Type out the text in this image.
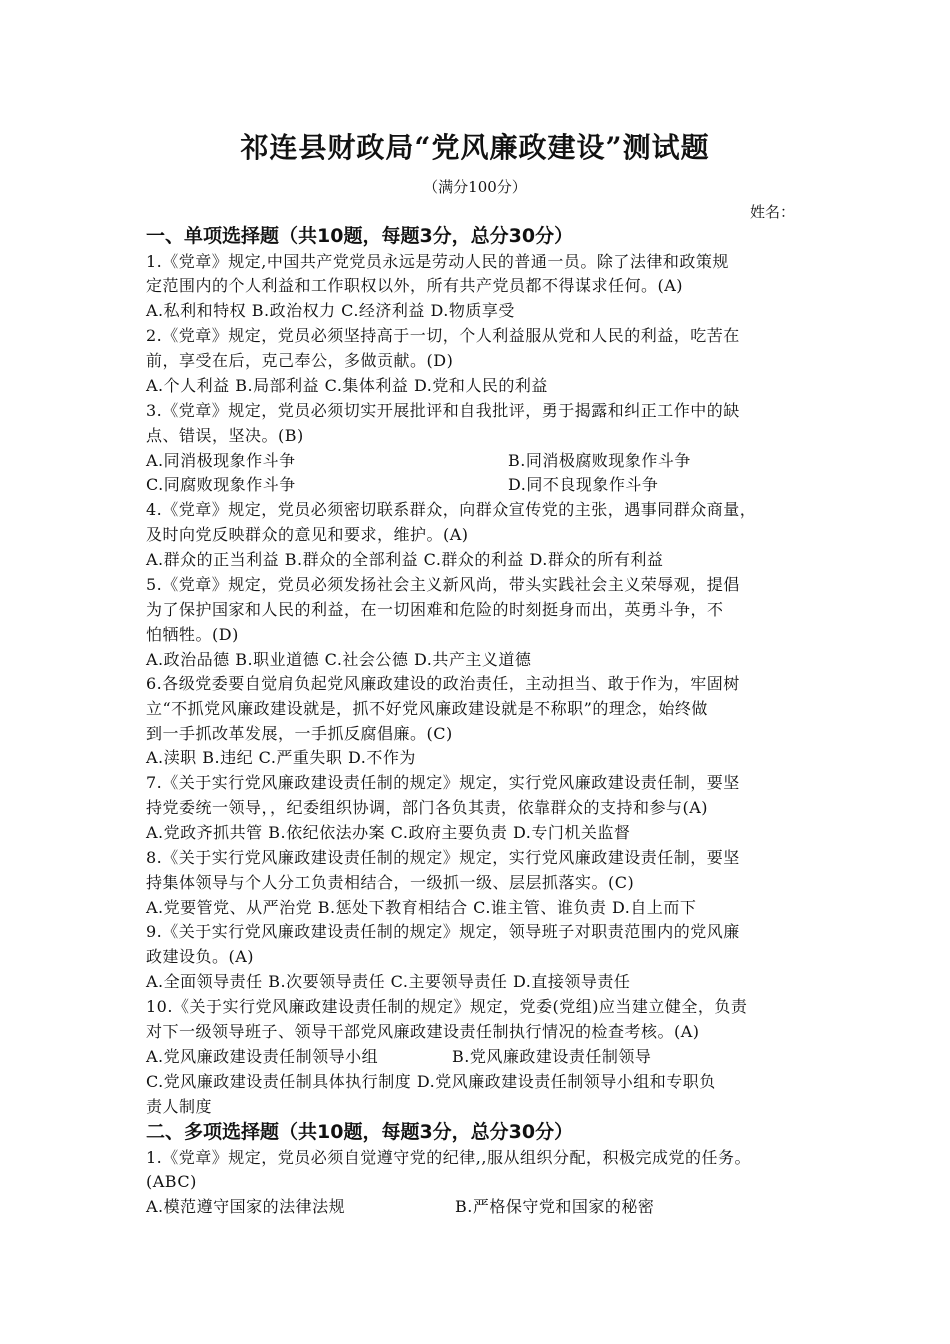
祁连县财政局“党风廉政建设”测试题
（满分100分）
姓名：
一、单项选择题（共10题，每题3分，总分30分）
1.《党章》规定,中国共产党党员永远是劳动人民的普通一员。除了法律和政策规
定范围内的个人利益和工作职权以外，所有共产党员都不得谋求任何。(A)
A.私利和特权 B.政治权力 C.经济利益 D.物质享受
2.《党章》规定，党员必须坚持高于一切，个人利益服从党和人民的利益，吃苦在
前，享受在后，克己奉公，多做贡献。(D)
A.个人利益 B.局部利益 C.集体利益 D.党和人民的利益
3.《党章》规定，党员必须切实开展批评和自我批评，勇于揭露和纠正工作中的缺
点、错误，坚决。(B)
A.同消极现象作斗争	B.同消极腐败现象作斗争
C.同腐败现象作斗争	D.同不良现象作斗争
4.《党章》规定，党员必须密切联系群众，向群众宣传党的主张，遇事同群众商量，
及时向党反映群众的意见和要求，维护。(A)
A.群众的正当利益 B.群众的全部利益 C.群众的利益 D.群众的所有利益
5.《党章》规定，党员必须发扬社会主义新风尚，带头实践社会主义荣辱观，提倡
为了保护国家和人民的利益，在一切困难和危险的时刻挺身而出，英勇斗争，不
怕牺牲。(D)
A.政治品德 B.职业道德 C.社会公德 D.共产主义道德
6.各级党委要自觉肩负起党风廉政建设的政治责任，主动担当、敢于作为，牢固树
立“不抓党风廉政建设就是，抓不好党风廉政建设就是不称职”的理念，始终做
到一手抓改革发展，一手抓反腐倡廉。(C)
A.渎职 B.违纪 C.严重失职 D.不作为
7.《关于实行党风廉政建设责任制的规定》规定，实行党风廉政建设责任制，要坚
持党委统一领导，，纪委组织协调，部门各负其责，依靠群众的支持和参与(A)
A.党政齐抓共管 B.依纪依法办案 C.政府主要负责 D.专门机关监督
8.《关于实行党风廉政建设责任制的规定》规定，实行党风廉政建设责任制，要坚
持集体领导与个人分工负责相结合，一级抓一级、层层抓落实。(C)
A.党要管党、从严治党 B.惩处下教育相结合 C.谁主管、谁负责 D.自上而下
9.《关于实行党风廉政建设责任制的规定》规定，领导班子对职责范围内的党风廉
政建设负。(A)
A.全面领导责任 B.次要领导责任 C.主要领导责任 D.直接领导责任
10.《关于实行党风廉政建设责任制的规定》规定，党委(党组)应当建立健全，负责
对下一级领导班子、领导干部党风廉政建设责任制执行情况的检查考核。(A)
A.党风廉政建设责任制领导小组	B.党风廉政建设责任制领导
C.党风廉政建设责任制具体执行制度 D.党风廉政建设责任制领导小组和专职负
责人制度
二、多项选择题（共10题，每题3分，总分30分）
1.《党章》规定，党员必须自觉遵守党的纪律,,服从组织分配，积极完成党的任务。
(ABC)
A.模范遵守国家的法律法规	B.严格保守党和国家的秘密
